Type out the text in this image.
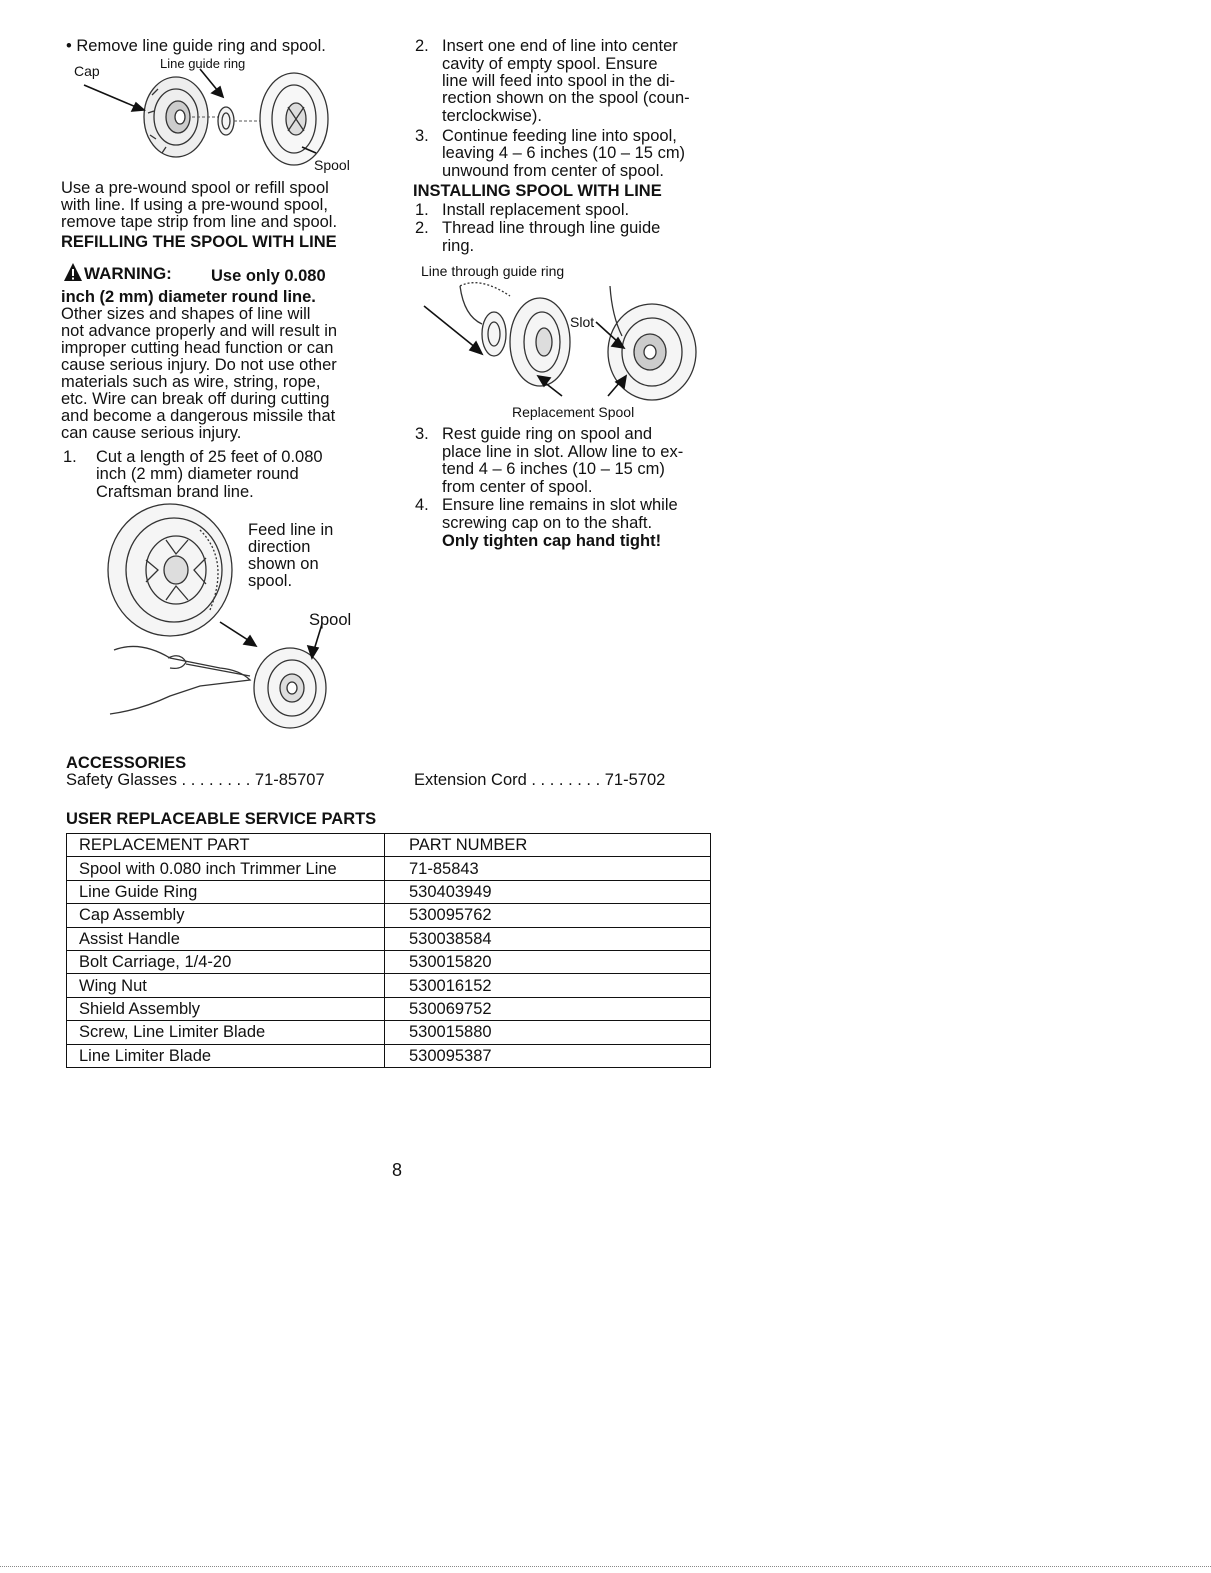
• Remove line guide ring and spool.
Cap	Line guide ring
Spool
Use a pre-wound spool or refill spool
with line. If using a pre-wound spool,
remove tape strip from line and spool.
REFILLING THE SPOOL WITH LINE
WARNING: Use only 0.080
inch (2 mm) diameter round line.
Other sizes and shapes of line will
not advance properly and will result in
improper cutting head function or can
cause serious injury. Do not use other
materials such as wire, string, rope,
etc. Wire can break off during cutting
and become a dangerous missile that
can cause serious injury.
1. Cut a length of 25 feet of 0.080
inch (2 mm) diameter round
Craftsman brand line.
Feed line in
direction
shown on
spool.
Spool
2. Insert one end of line into center
cavity of empty spool. Ensure
line will feed into spool in the di-
rection shown on the spool (coun-
terclockwise).
3. Continue feeding line into spool,
leaving 4 – 6 inches (10 – 15 cm)
unwound from center of spool.
INSTALLING SPOOL WITH LINE
1. Install replacement spool.
2. Thread line through line guide
ring.
Line through guide ring
Slot
Replacement Spool
3. Rest guide ring on spool and
place line in slot. Allow line to ex-
tend 4 – 6 inches (10 – 15 cm)
from center of spool.
4. Ensure line remains in slot while
screwing cap on to the shaft.
Only tighten cap hand tight!
ACCESSORIES
Safety Glasses . . . . . . . . 71-85707	Extension Cord . . . . . . . . 71-5702
USER REPLACEABLE SERVICE PARTS
REPLACEMENT PART	PART NUMBER
Spool with 0.080 inch Trimmer Line	71-85843
Line Guide Ring	530403949
Cap Assembly	530095762
Assist Handle	530038584
Bolt Carriage, 1/4-20	530015820
Wing Nut	530016152
Shield Assembly	530069752
Screw, Line Limiter Blade	530015880
Line Limiter Blade	530095387
8
